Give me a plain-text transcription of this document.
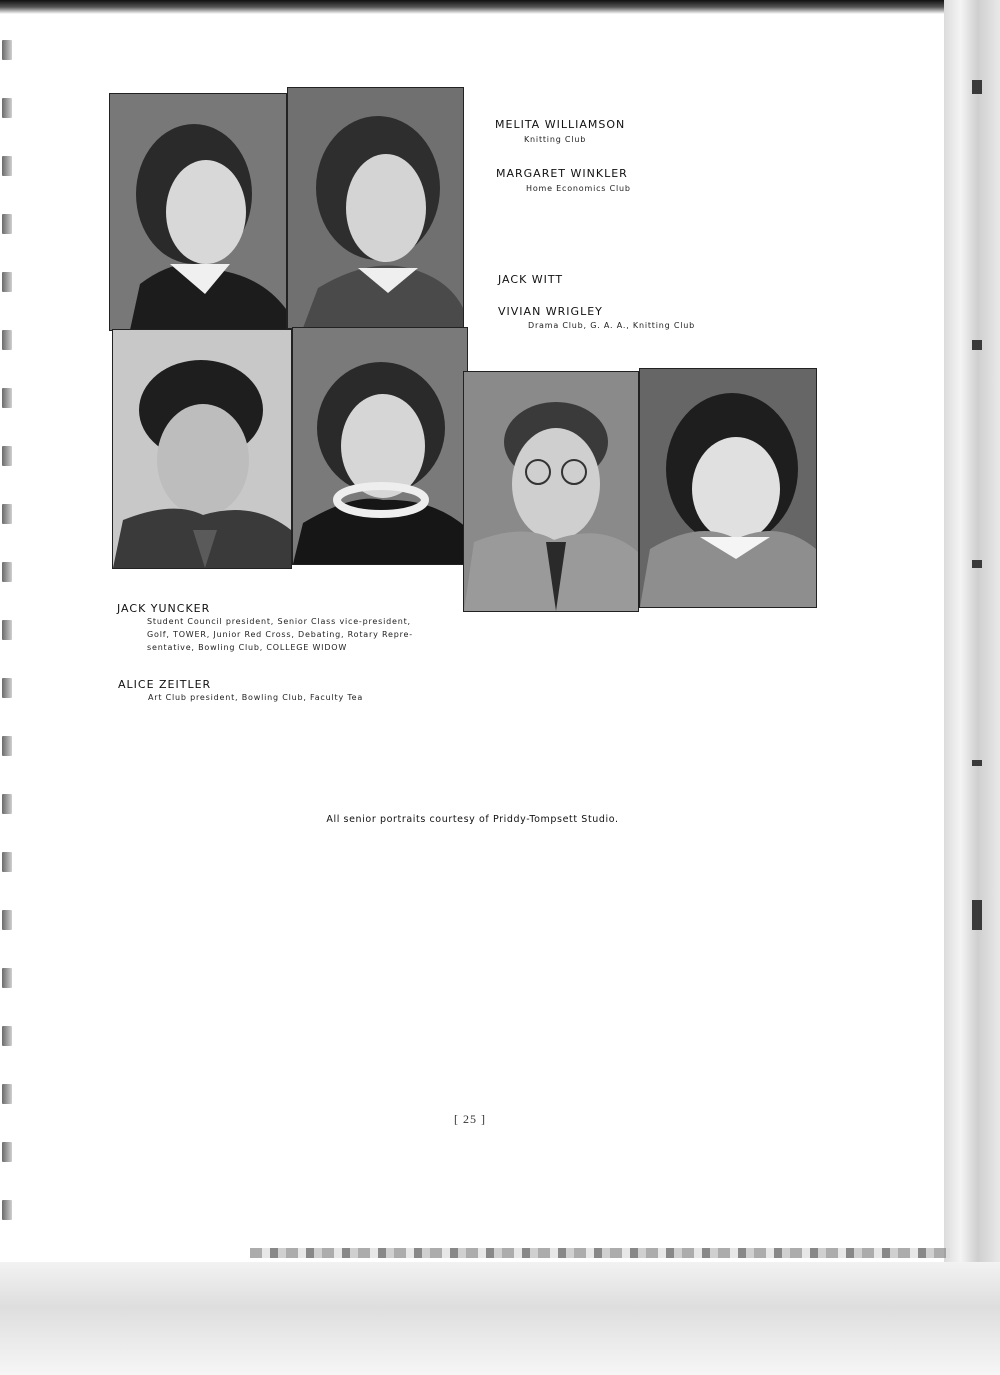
MELITA WILLIAMSON
Knitting Club
MARGARET WINKLER
Home Economics Club
JACK WITT
VIVIAN WRIGLEY
Drama Club, G. A. A., Knitting Club
JACK YUNCKER
Student Council president, Senior Class vice-president,
Golf, TOWER, Junior Red Cross, Debating, Rotary Repre-
sentative, Bowling Club, COLLEGE WIDOW
ALICE ZEITLER
Art Club president, Bowling Club, Faculty Tea
All senior portraits courtesy of Priddy-Tompsett Studio.
[ 25 ]
